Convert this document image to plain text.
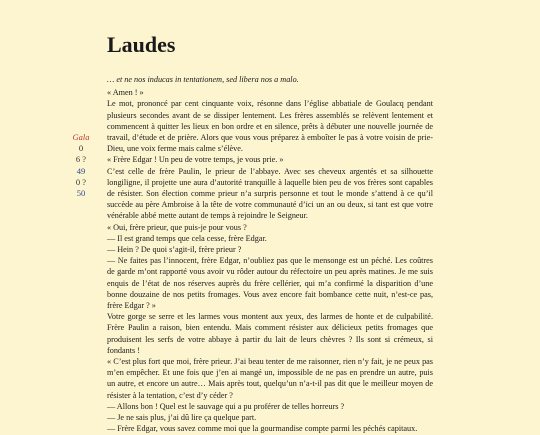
Gala
0
6 ?
49
0 ?
50
Laudes

… et ne nos inducas in tentationem, sed libera nos a malo.

« Amen ! »

Le mot, prononcé par cent cinquante voix, résonne dans l’église abbatiale de Goulacq pendant plusieurs secondes avant de se dissiper lentement. Les frères assemblés se relèvent lentement et commencent à quitter les lieux en bon ordre et en silence, prêts à débuter une nouvelle journée de travail, d’étude et de prière. Alors que vous vous préparez à emboîter le pas à votre voisin de prie-Dieu, une voix ferme mais calme s’élève.

« Frère Edgar ! Un peu de votre temps, je vous prie. »

C’est celle de frère Paulin, le prieur de l’abbaye. Avec ses cheveux argentés et sa silhouette longiligne, il projette une aura d’autorité tranquille à laquelle bien peu de vos frères sont capables de résister. Son élection comme prieur n’a surpris personne et tout le monde s’attend à ce qu’il succède au père Ambroise à la tête de votre communauté d’ici un an ou deux, si tant est que votre vénérable abbé mette autant de temps à rejoindre le Seigneur.

« Oui, frère prieur, que puis-je pour vous ?

— Il est grand temps que cela cesse, frère Edgar.

— Hein ? De quoi s’agit-il, frère prieur ?

— Ne faites pas l’innocent, frère Edgar, n’oubliez pas que le mensonge est un péché. Les coûtres de garde m’ont rapporté vous avoir vu rôder autour du réfectoire un peu après matines. Je me suis enquis de l’état de nos réserves auprès du frère cellérier, qui m’a confirmé la disparition d’une bonne douzaine de nos petits fromages. Vous avez encore fait bombance cette nuit, n’est-ce pas, frère Edgar ? »

Votre gorge se serre et les larmes vous montent aux yeux, des larmes de honte et de culpabilité. Frère Paulin a raison, bien entendu. Mais comment résister aux délicieux petits fromages que produisent les serfs de votre abbaye à partir du lait de leurs chèvres ? Ils sont si crémeux, si fondants !

« C’est plus fort que moi, frère prieur. J’ai beau tenter de me raisonner, rien n’y fait, je ne peux pas m’en empêcher. Et une fois que j’en ai mangé un, impossible de ne pas en prendre un autre, puis un autre, et encore un autre… Mais après tout, quelqu’un n’a-t-il pas dit que le meilleur moyen de résister à la tentation, c’est d’y céder ?

— Allons bon ! Quel est le sauvage qui a pu proférer de telles horreurs ?

— Je ne sais plus, j’ai dû lire ça quelque part.

— Frère Edgar, vous savez comme moi que la gourmandise compte parmi les péchés capitaux.
